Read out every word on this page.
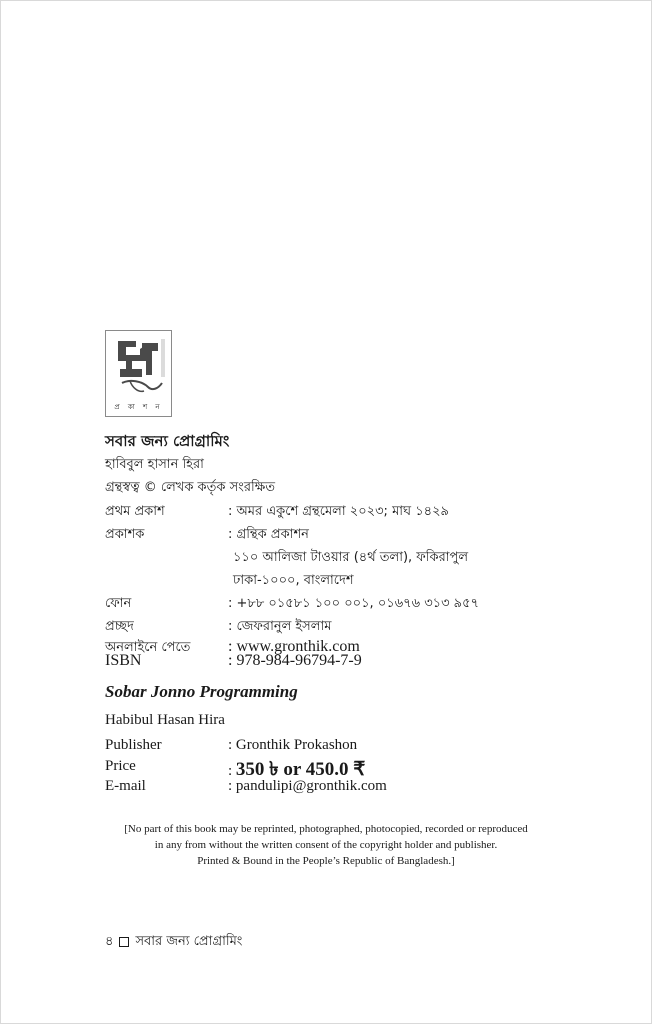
প্র কা শ ন
সবার জন্য প্রোগ্রামিং
হাবিবুল হাসান হিরা
গ্রন্থস্বত্ব © লেখক কর্তৃক সংরক্ষিত
প্রথম প্রকাশ	: অমর একুশে গ্রন্থমেলা ২০২৩; মাঘ ১৪২৯
প্রকাশক	: গ্রন্থিক প্রকাশন
১১০ আলিজা টাওয়ার (৪র্থ তলা), ফকিরাপুল
ঢাকা-১০০০, বাংলাদেশ
ফোন	: +৮৮ ০১৫৮১ ১০০ ০০১, ০১৬৭৬ ৩১৩ ৯৫৭
প্রচ্ছদ	: জেফরানুল ইসলাম
অনলাইনে পেতে : www.gronthik.com
ISBN	: 978-984-96794-7-9
Sobar Jonno Programming
Habibul Hasan Hira
Publisher	: Gronthik Prokashon
Price	: 350 ৳ or 450.0 ₹
E-mail	: pandulipi@gronthik.com
[No part of this book may be reprinted, photographed, photocopied, recorded or reproduced
in any from without the written consent of the copyright holder and publisher.
Printed & Bound in the People’s Republic of Bangladesh.]
৪ সবার জন্য প্রোগ্রামিং
